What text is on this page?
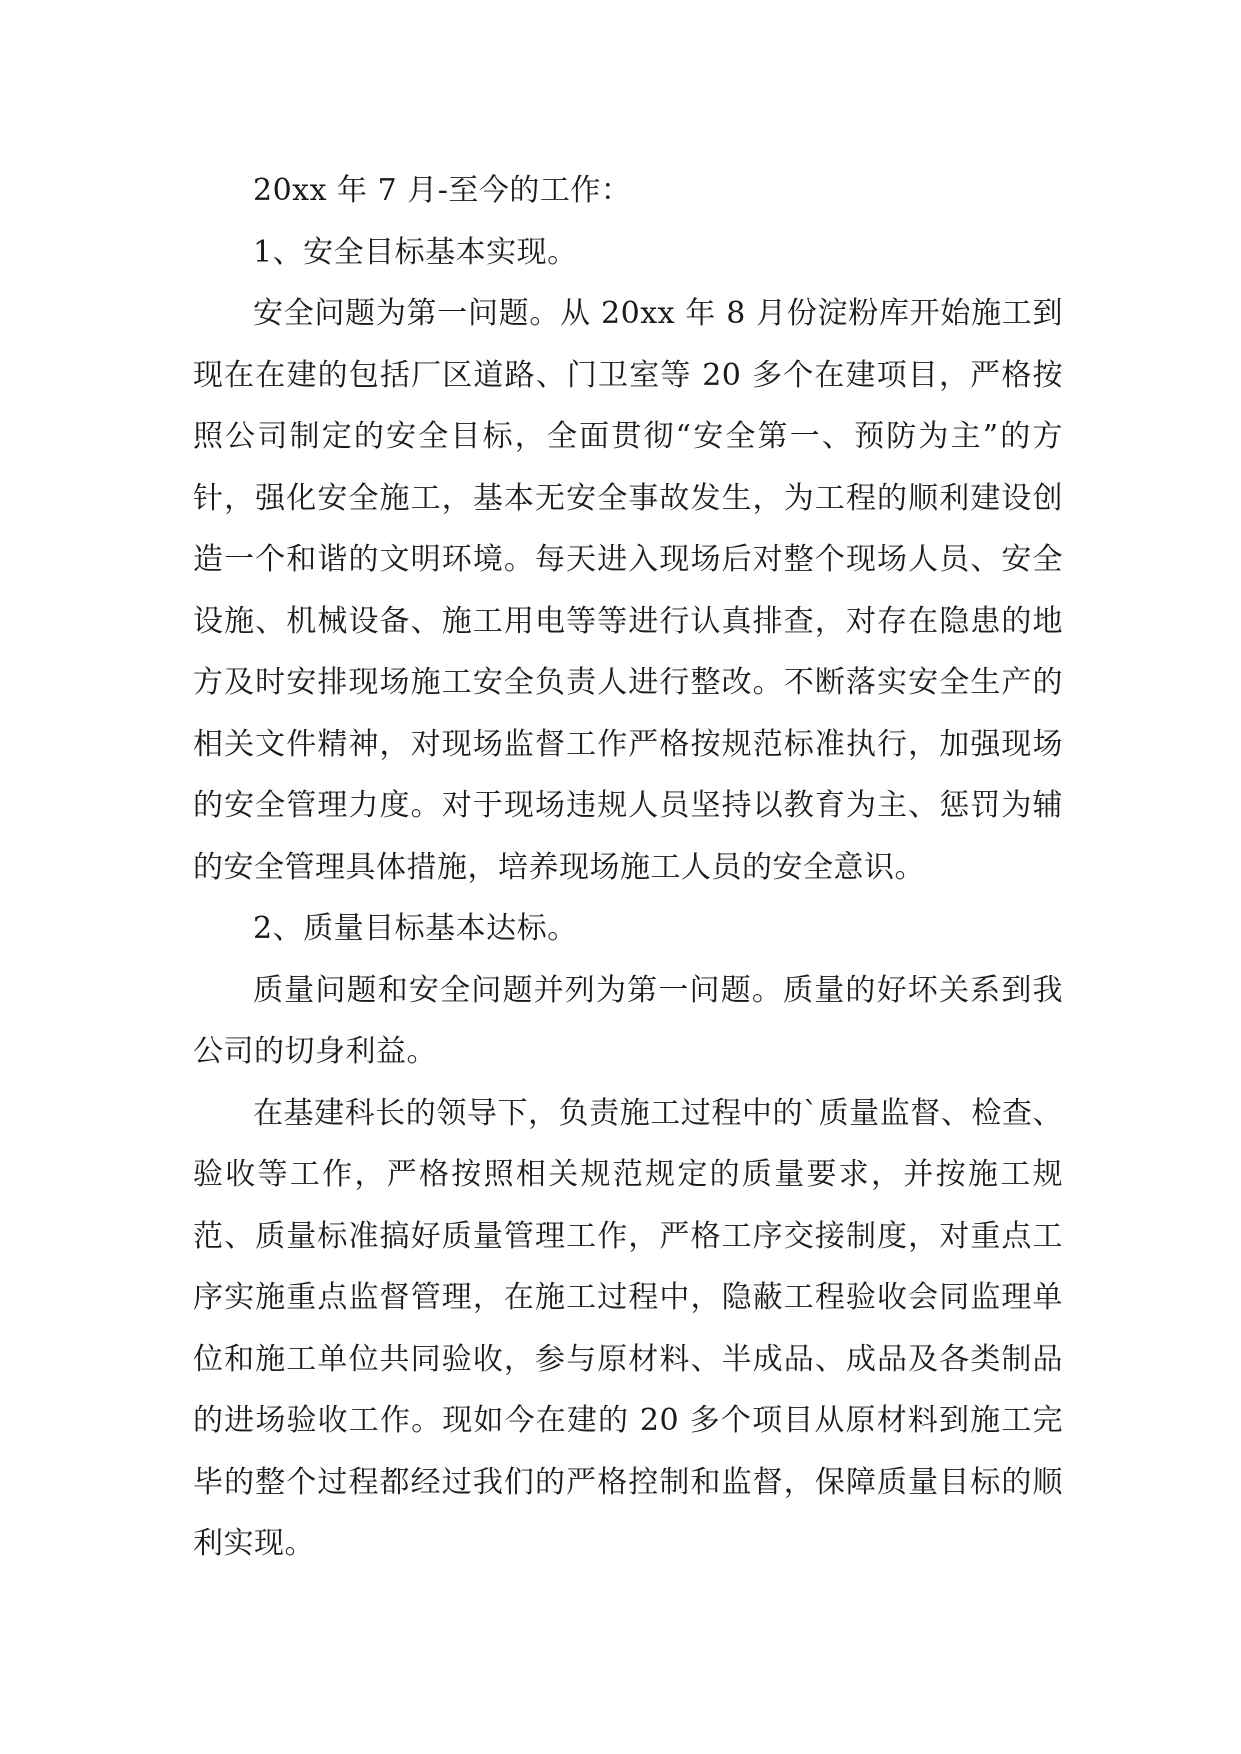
20xx 年 7 月-至今的工作：

1、安全目标基本实现。

安全问题为第一问题。从 20xx 年 8 月份淀粉库开始施工到现在在建的包括厂区道路、门卫室等 20 多个在建项目，严格按照公司制定的安全目标，全面贯彻“安全第一、预防为主”的方针，强化安全施工，基本无安全事故发生，为工程的顺利建设创造一个和谐的文明环境。每天进入现场后对整个现场人员、安全设施、机械设备、施工用电等等进行认真排查，对存在隐患的地方及时安排现场施工安全负责人进行整改。不断落实安全生产的相关文件精神，对现场监督工作严格按规范标准执行，加强现场的安全管理力度。对于现场违规人员坚持以教育为主、惩罚为辅的安全管理具体措施，培养现场施工人员的安全意识。

2、质量目标基本达标。

质量问题和安全问题并列为第一问题。质量的好坏关系到我公司的切身利益。

在基建科长的领导下，负责施工过程中的`质量监督、检查、验收等工作，严格按照相关规范规定的质量要求，并按施工规范、质量标准搞好质量管理工作，严格工序交接制度，对重点工序实施重点监督管理，在施工过程中，隐蔽工程验收会同监理单位和施工单位共同验收，参与原材料、半成品、成品及各类制品的进场验收工作。现如今在建的 20 多个项目从原材料到施工完毕的整个过程都经过我们的严格控制和监督，保障质量目标的顺利实现。
